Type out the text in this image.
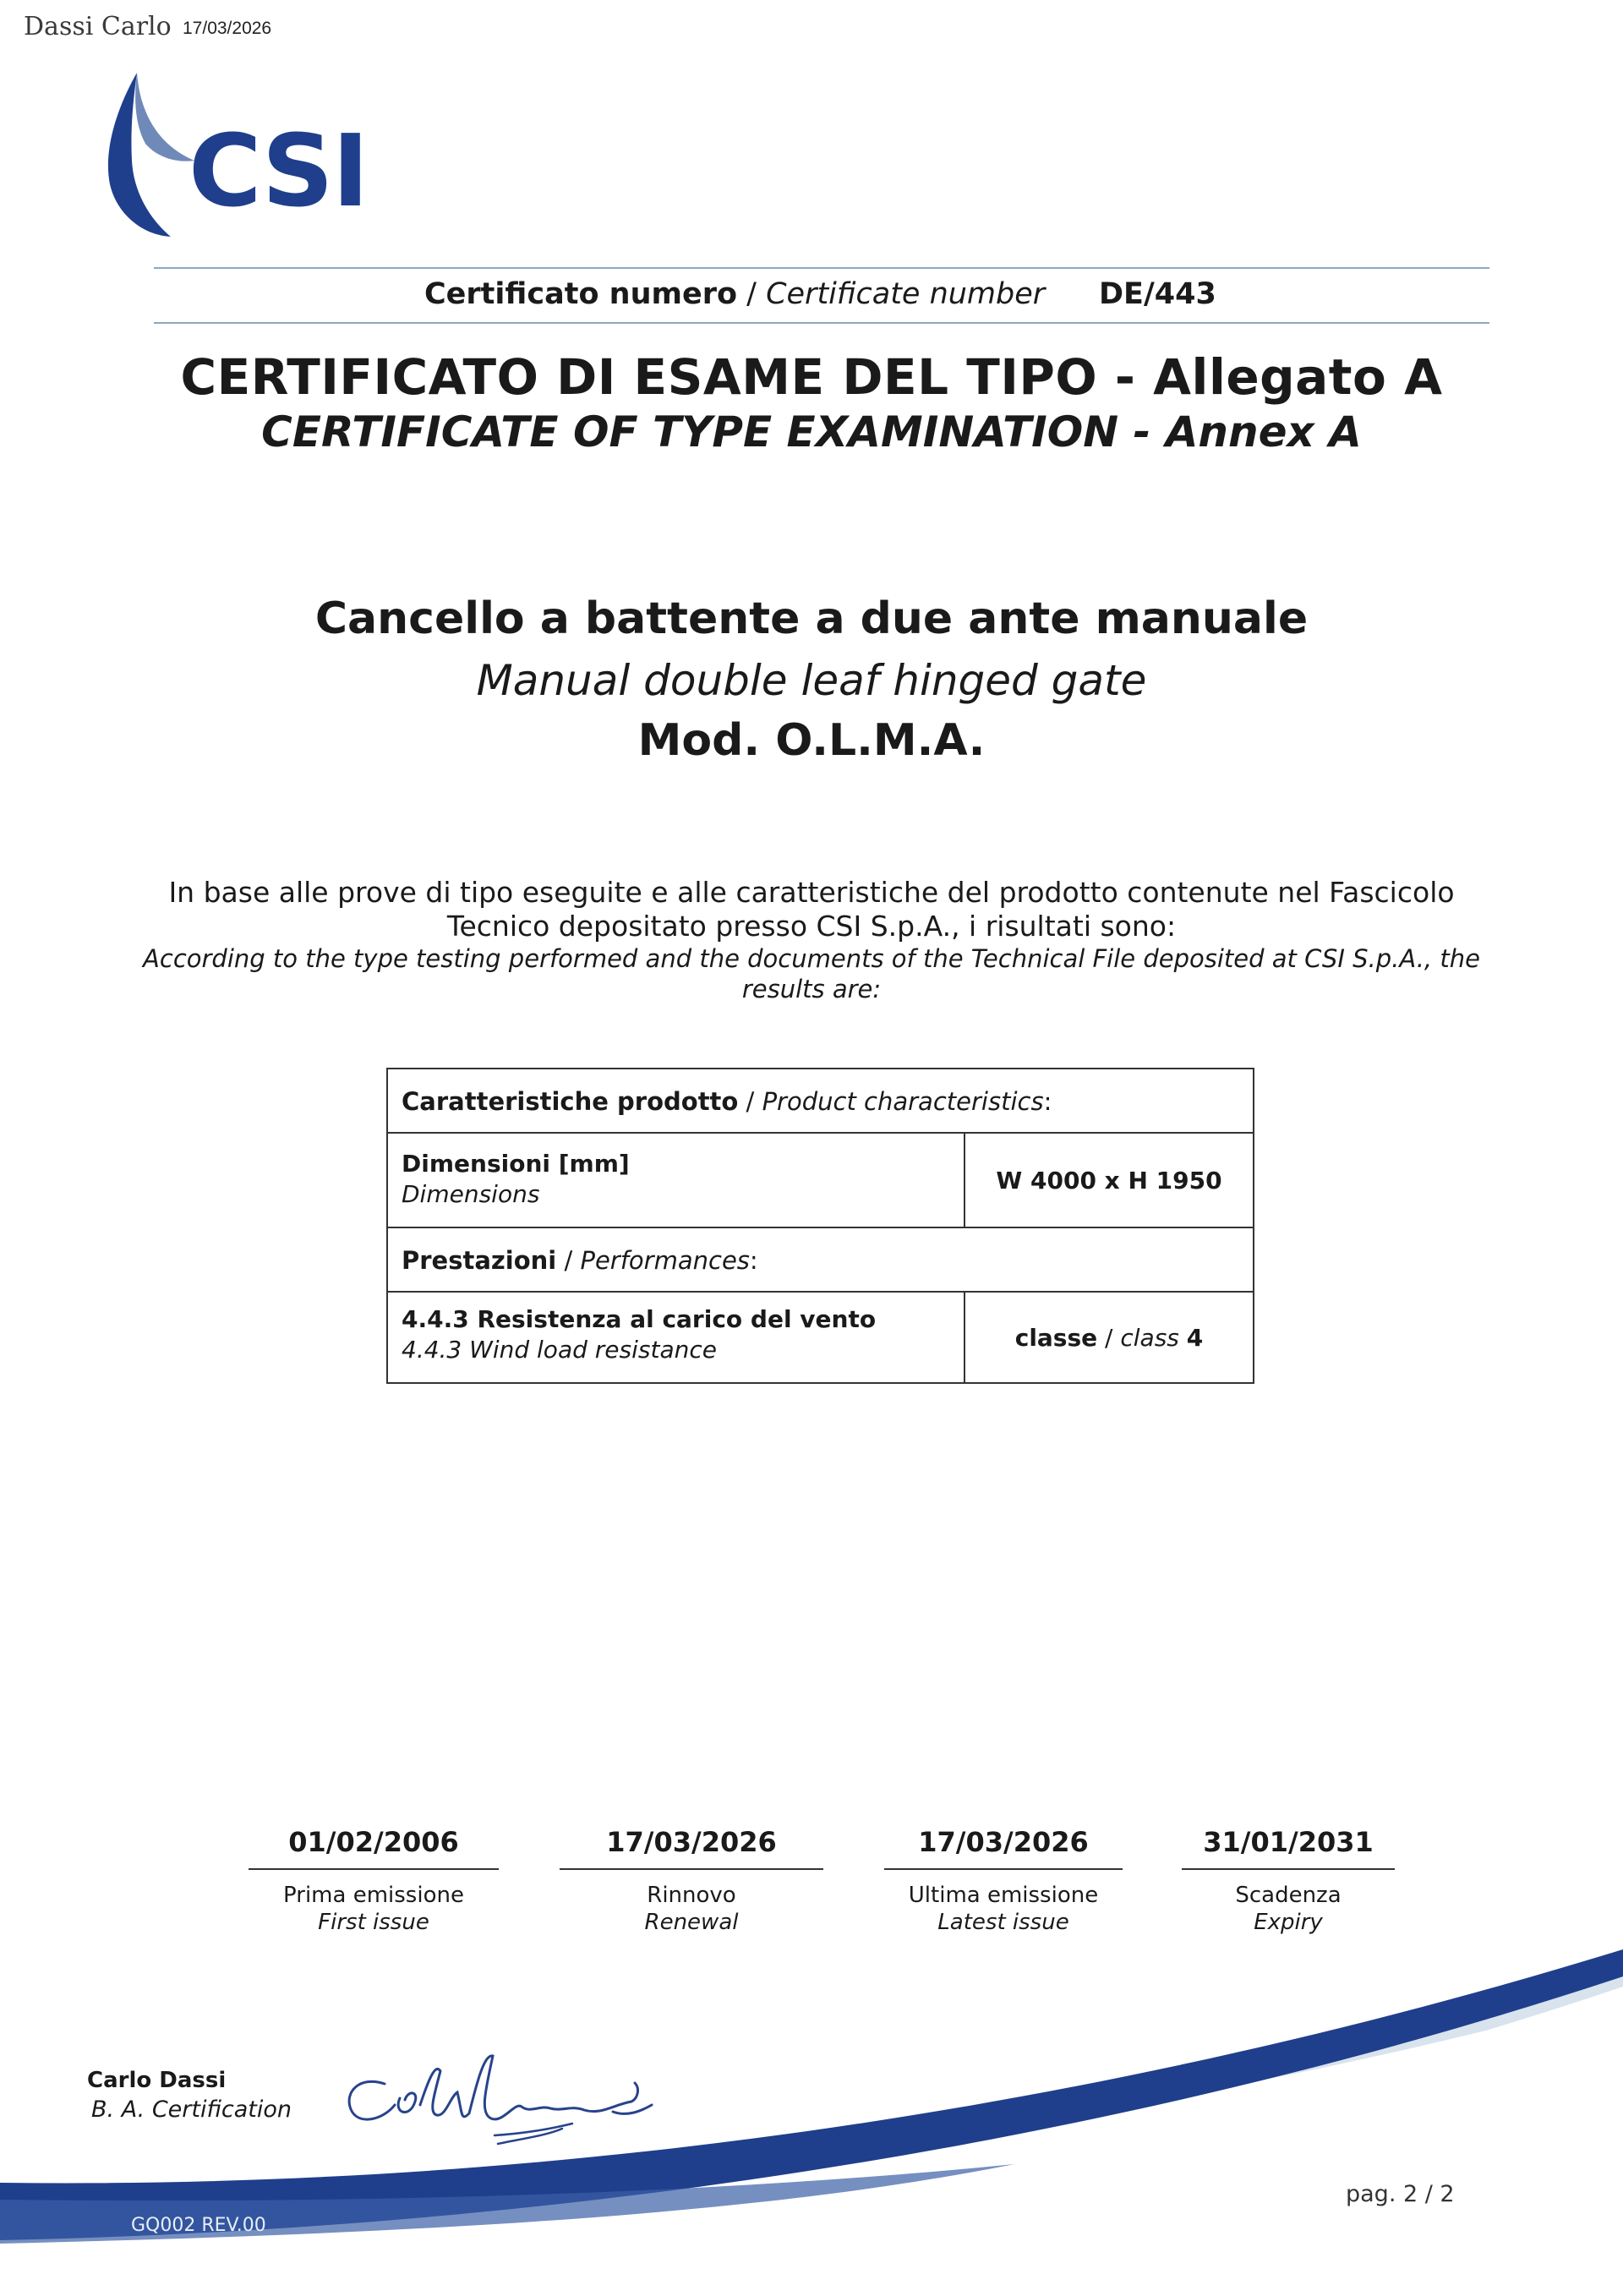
Dassi Carlo 17/03/2026
CSI
Certificato numero / Certificate number DE/443
CERTIFICATO DI ESAME DEL TIPO - Allegato A
CERTIFICATE OF TYPE EXAMINATION - Annex A
Cancello a battente a due ante manuale
Manual double leaf hinged gate
Mod. O.L.M.A.
In base alle prove di tipo eseguite e alle caratteristiche del prodotto contenute nel Fascicolo Tecnico depositato presso CSI S.p.A., i risultati sono:
According to the type testing performed and the documents of the Technical File deposited at CSI S.p.A., the results are:
Caratteristiche prodotto / Product characteristics:
Dimensioni [mm]
Dimensions	W 4000 x H 1950
Prestazioni / Performances:
4.4.3 Resistenza al carico del vento
4.4.3 Wind load resistance	classe / class
4
01/02/2006
Prima emissione
First issue
17/03/2026
Rinnovo
Renewal
17/03/2026
Ultima emissione
Latest issue
31/01/2031
Scadenza
Expiry
Carlo Dassi
B. A. Certification
pag. 2 / 2
GQ002 REV.00
